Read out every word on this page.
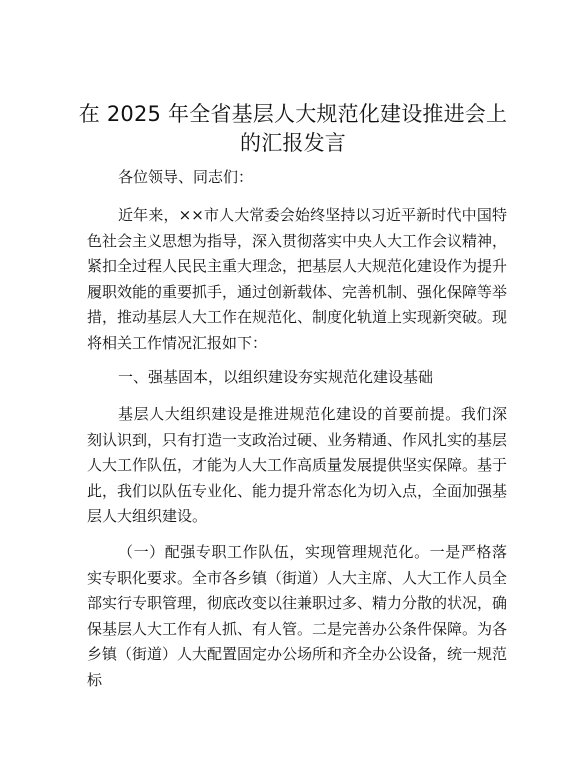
在 2025 年全省基层人大规范化建设推进会上的汇报发言

各位领导、同志们：

近年来，××市人大常委会始终坚持以习近平新时代中国特色社会主义思想为指导，深入贯彻落实中央人大工作会议精神，紧扣全过程人民民主重大理念，把基层人大规范化建设作为提升履职效能的重要抓手，通过创新载体、完善机制、强化保障等举措，推动基层人大工作在规范化、制度化轨道上实现新突破。现将相关工作情况汇报如下：

一、强基固本，以组织建设夯实规范化建设基础

基层人大组织建设是推进规范化建设的首要前提。我们深刻认识到，只有打造一支政治过硬、业务精通、作风扎实的基层人大工作队伍，才能为人大工作高质量发展提供坚实保障。基于此，我们以队伍专业化、能力提升常态化为切入点，全面加强基层人大组织建设。

（一）配强专职工作队伍，实现管理规范化。一是严格落实专职化要求。全市各乡镇（街道）人大主席、人大工作人员全部实行专职管理，彻底改变以往兼职过多、精力分散的状况，确保基层人大工作有人抓、有人管。二是完善办公条件保障。为各乡镇（街道）人大配置固定办公场所和齐全办公设备，统一规范标
